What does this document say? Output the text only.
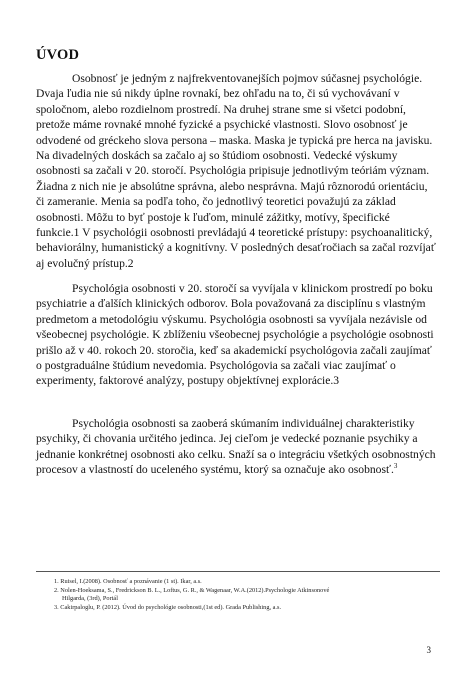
ÚVOD
Osobnosť je jedným z najfrekventovanejších pojmov súčasnej psychológie. Dvaja ľudia nie sú nikdy úplne rovnakí, bez ohľadu na to, či sú vychovávaní v spoločnom, alebo rozdielnom prostredí. Na druhej strane sme si všetci podobní, pretože máme rovnaké mnohé fyzické a psychické vlastnosti. Slovo osobnosť je odvodené od gréckeho slova persona – maska. Maska je typická pre herca na javisku. Na divadelných doskách sa začalo aj so štúdiom osobnosti. Vedecké výskumy osobnosti sa začali v 20. storočí. Psychológia pripisuje jednotlivým teóriám význam. Žiadna z nich nie je absolútne správna, alebo nesprávna. Majú rôznorodú orientáciu, či zameranie. Menia sa podľa toho, čo jednotlivý teoretici považujú za základ osobnosti. Môžu to byť postoje k ľuďom, minulé zážitky, motívy, špecifické funkcie.1 V psychológii osobnosti prevládajú 4 teoretické prístupy: psychoanalitický, behaviorálny, humanistický a kognitívny. V posledných desaťročiach sa začal rozvíjať aj evolučný prístup.2
Psychológia osobnosti v 20. storočí sa vyvíjala v klinickom prostredí po boku psychiatrie a ďalších klinických odborov. Bola považovaná za disciplínu s vlastným predmetom a metodológiu výskumu. Psychológia osobnosti sa vyvíjala nezávisle od všeobecnej psychológie. K zblíženiu všeobecnej psychológie a psychológie osobnosti prišlo až v 40. rokoch 20. storočia, keď sa akademickí psychológovia začali zaujímať o postgraduálne štúdium nevedomia. Psychológovia sa začali viac zaujímať o experimenty, faktorové analýzy, postupy objektívnej explorácie.3
Psychológia osobnosti sa zaoberá skúmaním individuálnej charakteristiky psychiky, či chovania určitého jedinca. Jej cieľom je vedecké poznanie psychiky a jednanie konkrétnej osobnosti ako celku. Snaží sa o integráciu všetkých osobnostných procesov a vlastností do uceleného systému, ktorý sa označuje ako osobnosť.$^3$
1. Ruisel, I.(2008). Osobnosť a poznávanie (1 st). Ikar, a.s.
2. Nolen-Hoeksama, S., Fredrickson B. L., Loftus, G. R., & Wagenaar, W.A.(2012).Psychologie Atkinsonové
Hilgarda, (3rd), Portál
3. Cakirpaloglu, P. (2012). Úvod do psychológie osobnosti,(1st ed). Grada Publishing, a.s.
3
